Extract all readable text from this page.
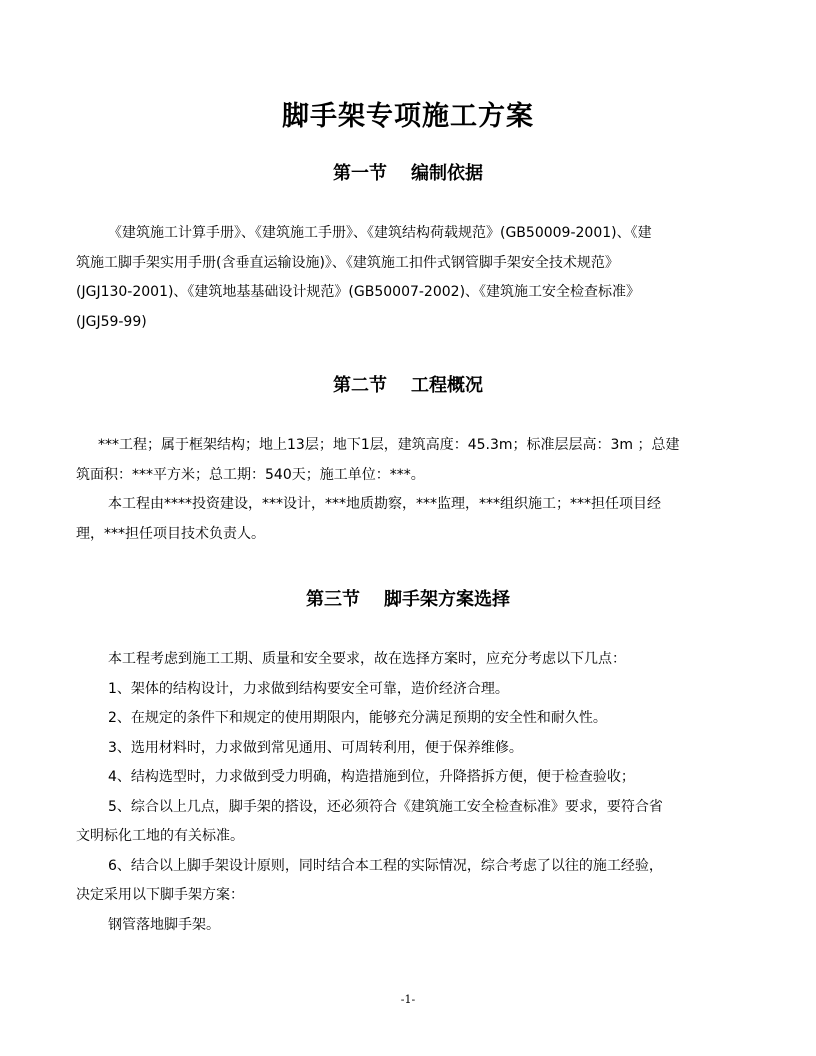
脚手架专项施工方案
第一节 编制依据
《建筑施工计算手册》、《建筑施工手册》、《建筑结构荷载规范》(GB50009-2001)、《建
筑施工脚手架实用手册(含垂直运输设施)》、《建筑施工扣件式钢管脚手架安全技术规范》
(JGJ130-2001)、《建筑地基基础设计规范》(GB50007-2002)、《建筑施工安全检查标准》
(JGJ59-99)
第二节 工程概况
***工程；属于框架结构；地上13层；地下1层，建筑高度：45.3m；标准层层高：3m ；总建
筑面积：***平方米；总工期：540天；施工单位：***。
本工程由****投资建设，***设计，***地质勘察，***监理，***组织施工；***担任项目经
理，***担任项目技术负责人。
第三节 脚手架方案选择
本工程考虑到施工工期、质量和安全要求，故在选择方案时，应充分考虑以下几点：
1、架体的结构设计，力求做到结构要安全可靠，造价经济合理。
2、在规定的条件下和规定的使用期限内，能够充分满足预期的安全性和耐久性。
3、选用材料时，力求做到常见通用、可周转利用，便于保养维修。
4、结构选型时，力求做到受力明确，构造措施到位，升降搭拆方便，便于检查验收；
5、综合以上几点，脚手架的搭设，还必须符合《建筑施工安全检查标准》要求，要符合省
文明标化工地的有关标准。
6、结合以上脚手架设计原则，同时结合本工程的实际情况，综合考虑了以往的施工经验，
决定采用以下脚手架方案：
钢管落地脚手架。
-1-
